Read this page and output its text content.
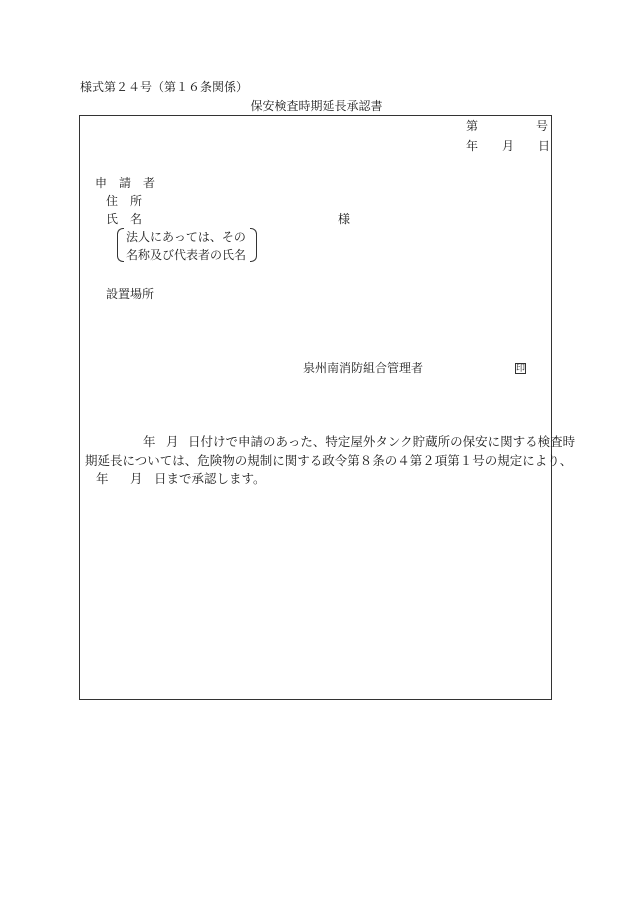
様式第２４号（第１６条関係）
保安検査時期延長承認書
第	号
年 月 日
申　請　者
住　所
氏　名	様
法人にあっては、その
名称及び代表者の氏名
設置場所
泉州南消防組合管理者	印
年 月 日付けで申請のあった、特定屋外タンク貯蔵所の保安に関する検査時
期延長については、危険物の規制に関する政令第８条の４第２項第１号の規定により、
年 月 日まで承認します。
